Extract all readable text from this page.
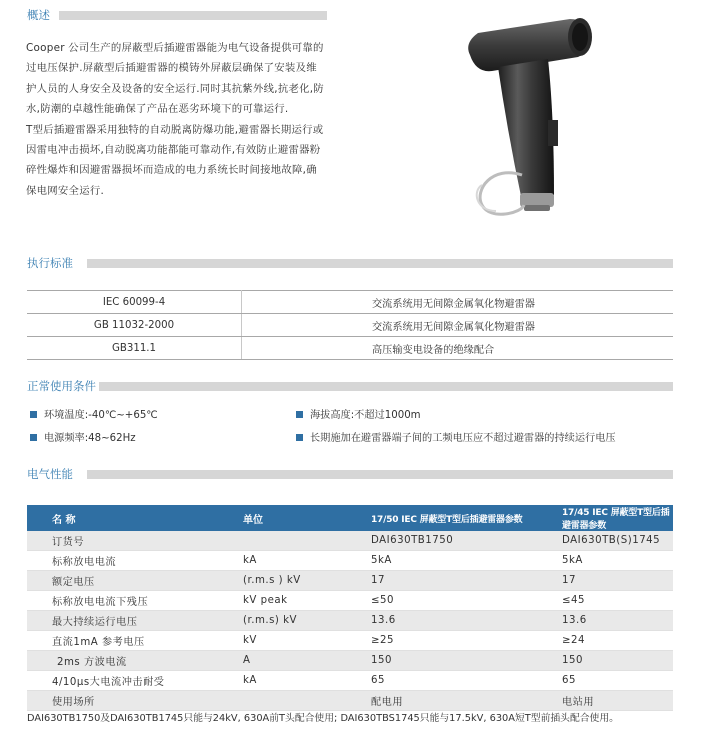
概述

Cooper 公司生产的屏蔽型后插避雷器能为电气设备提供可靠的过电压保护.屏蔽型后插避雷器的模铸外屏蔽层确保了安装及维护人员的人身安全及设备的安全运行.同时其抗紫外线,抗老化,防水,防潮的卓越性能确保了产品在恶劣环境下的可靠运行.

T型后插避雷器采用独特的自动脱离防爆功能,避雷器长期运行或因雷电冲击损坏,自动脱离功能都能可靠动作,有效防止避雷器粉碎性爆炸和因避雷器损坏而造成的电力系统长时间接地故障,确保电网安全运行.

执行标准
IEC 60099-4	交流系统用无间隙金属氧化物避雷器
GB 11032-2000	交流系统用无间隙金属氧化物避雷器
GB311.1	高压输变电设备的绝缘配合
正常使用条件
环境温度:-40℃~+65℃	海拔高度:不超过1000m
电源频率:48~62Hz	长期施加在避雷器端子间的工频电压应不超过避雷器的持续运行电压
电气性能
名 称	单位	17/50 IEC 屏蔽型T型后插避雷器参数	17/45 IEC 屏蔽型T型后插避雷器参数
订货号		DAI630TB1750	DAI630TB(S)1745
标称放电电流	kA	5kA	5kA
额定电压	(r.m.s ) kV	17	17
标称放电电流下残压	kV peak	≤50	≤45
最大持续运行电压	(r.m.s) kV	13.6	13.6
直流1mA 参考电压	kV	≥25	≥24
2ms 方波电流	A	150	150
4/10μs大电流冲击耐受	kA	65	65
使用场所		配电用	电站用
DAI630TB1750及DAI630TB1745只能与24kV, 630A前T头配合使用; DAI630TBS1745只能与17.5kV, 630A短T型前插头配合使用。
